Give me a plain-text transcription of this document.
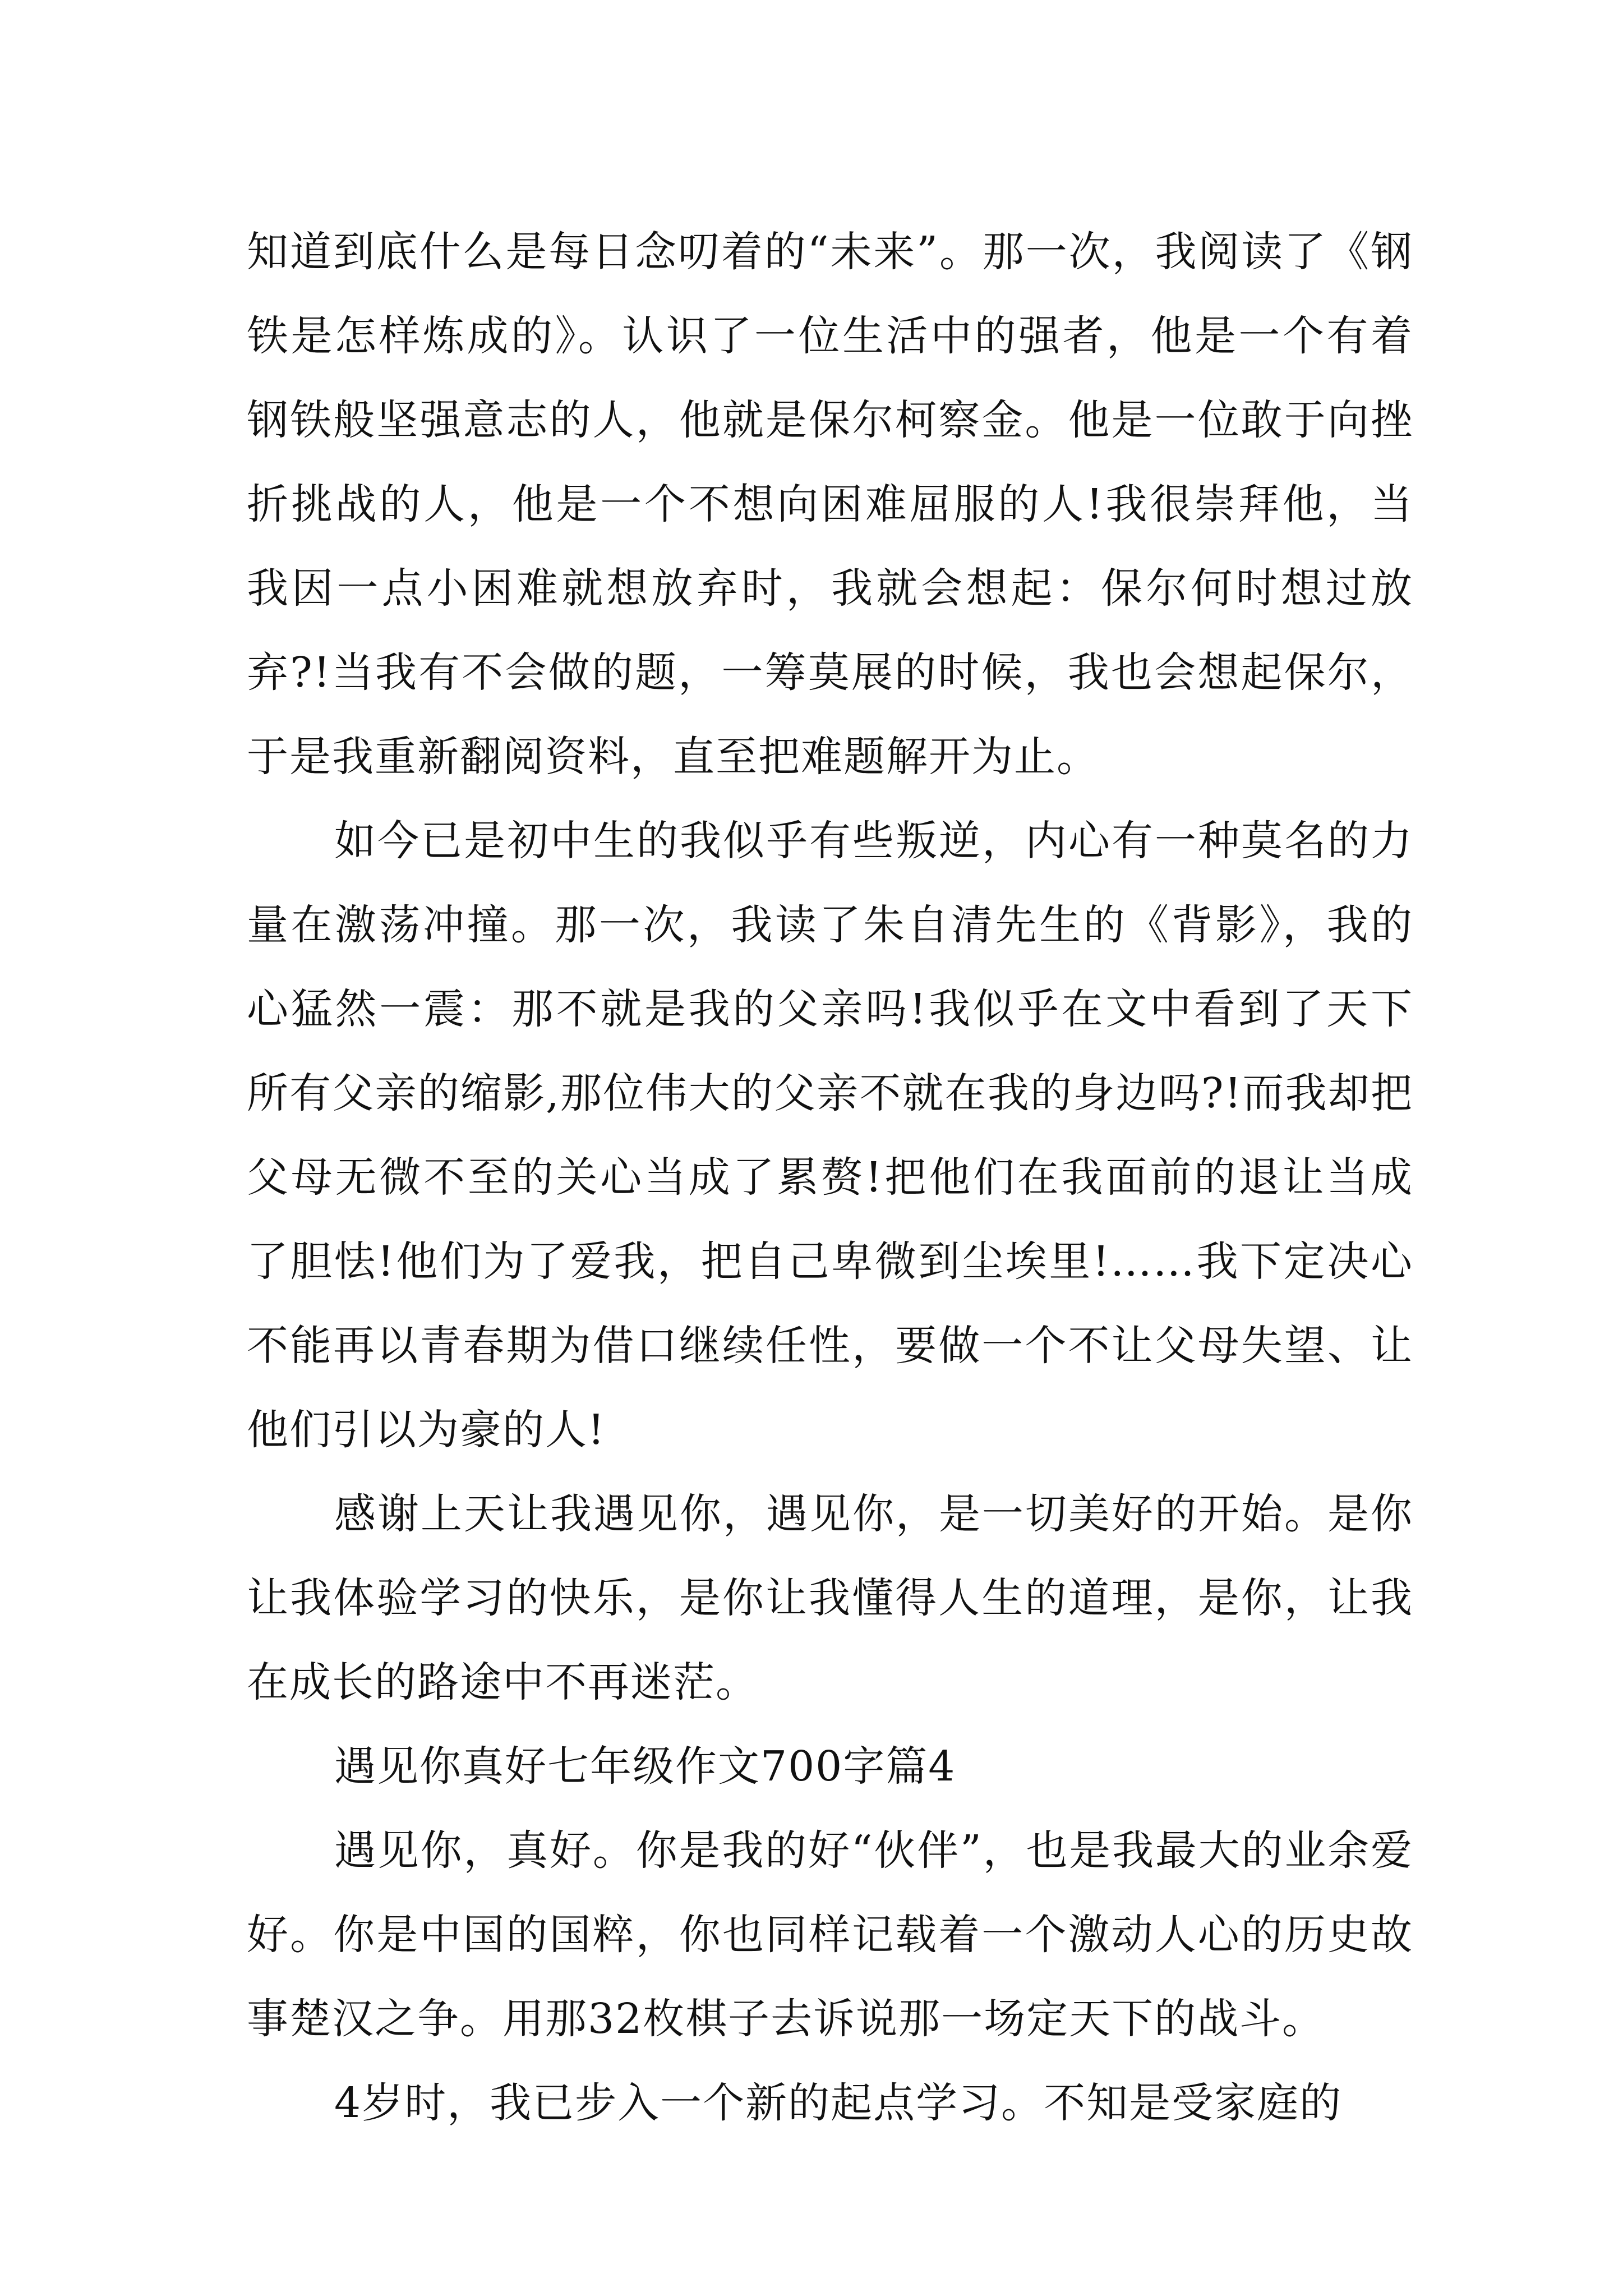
知道到底什么是每日念叨着的“未来”。那一次，我阅读了《钢铁是怎样炼成的》。认识了一位生活中的强者，他是一个有着钢铁般坚强意志的人，他就是保尔柯察金。他是一位敢于向挫折挑战的人，他是一个不想向困难屈服的人!我很崇拜他，当我因一点小困难就想放弃时，我就会想起：保尔何时想过放弃?!当我有不会做的题，一筹莫展的时候，我也会想起保尔，于是我重新翻阅资料，直至把难题解开为止。

如今已是初中生的我似乎有些叛逆，内心有一种莫名的力量在激荡冲撞。那一次，我读了朱自清先生的《背影》，我的心猛然一震：那不就是我的父亲吗!我似乎在文中看到了天下所有父亲的缩影,那位伟大的父亲不就在我的身边吗?!而我却把父母无微不至的关心当成了累赘!把他们在我面前的退让当成了胆怯!他们为了爱我，把自己卑微到尘埃里!……我下定决心不能再以青春期为借口继续任性，要做一个不让父母失望、让他们引以为豪的人!

感谢上天让我遇见你，遇见你，是一切美好的开始。是你让我体验学习的快乐，是你让我懂得人生的道理，是你，让我在成长的路途中不再迷茫。

遇见你真好七年级作文700字篇4

遇见你，真好。你是我的好“伙伴”，也是我最大的业余爱好。你是中国的国粹，你也同样记载着一个激动人心的历史故事楚汉之争。用那32枚棋子去诉说那一场定天下的战斗。

4岁时，我已步入一个新的起点学习。不知是受家庭的
